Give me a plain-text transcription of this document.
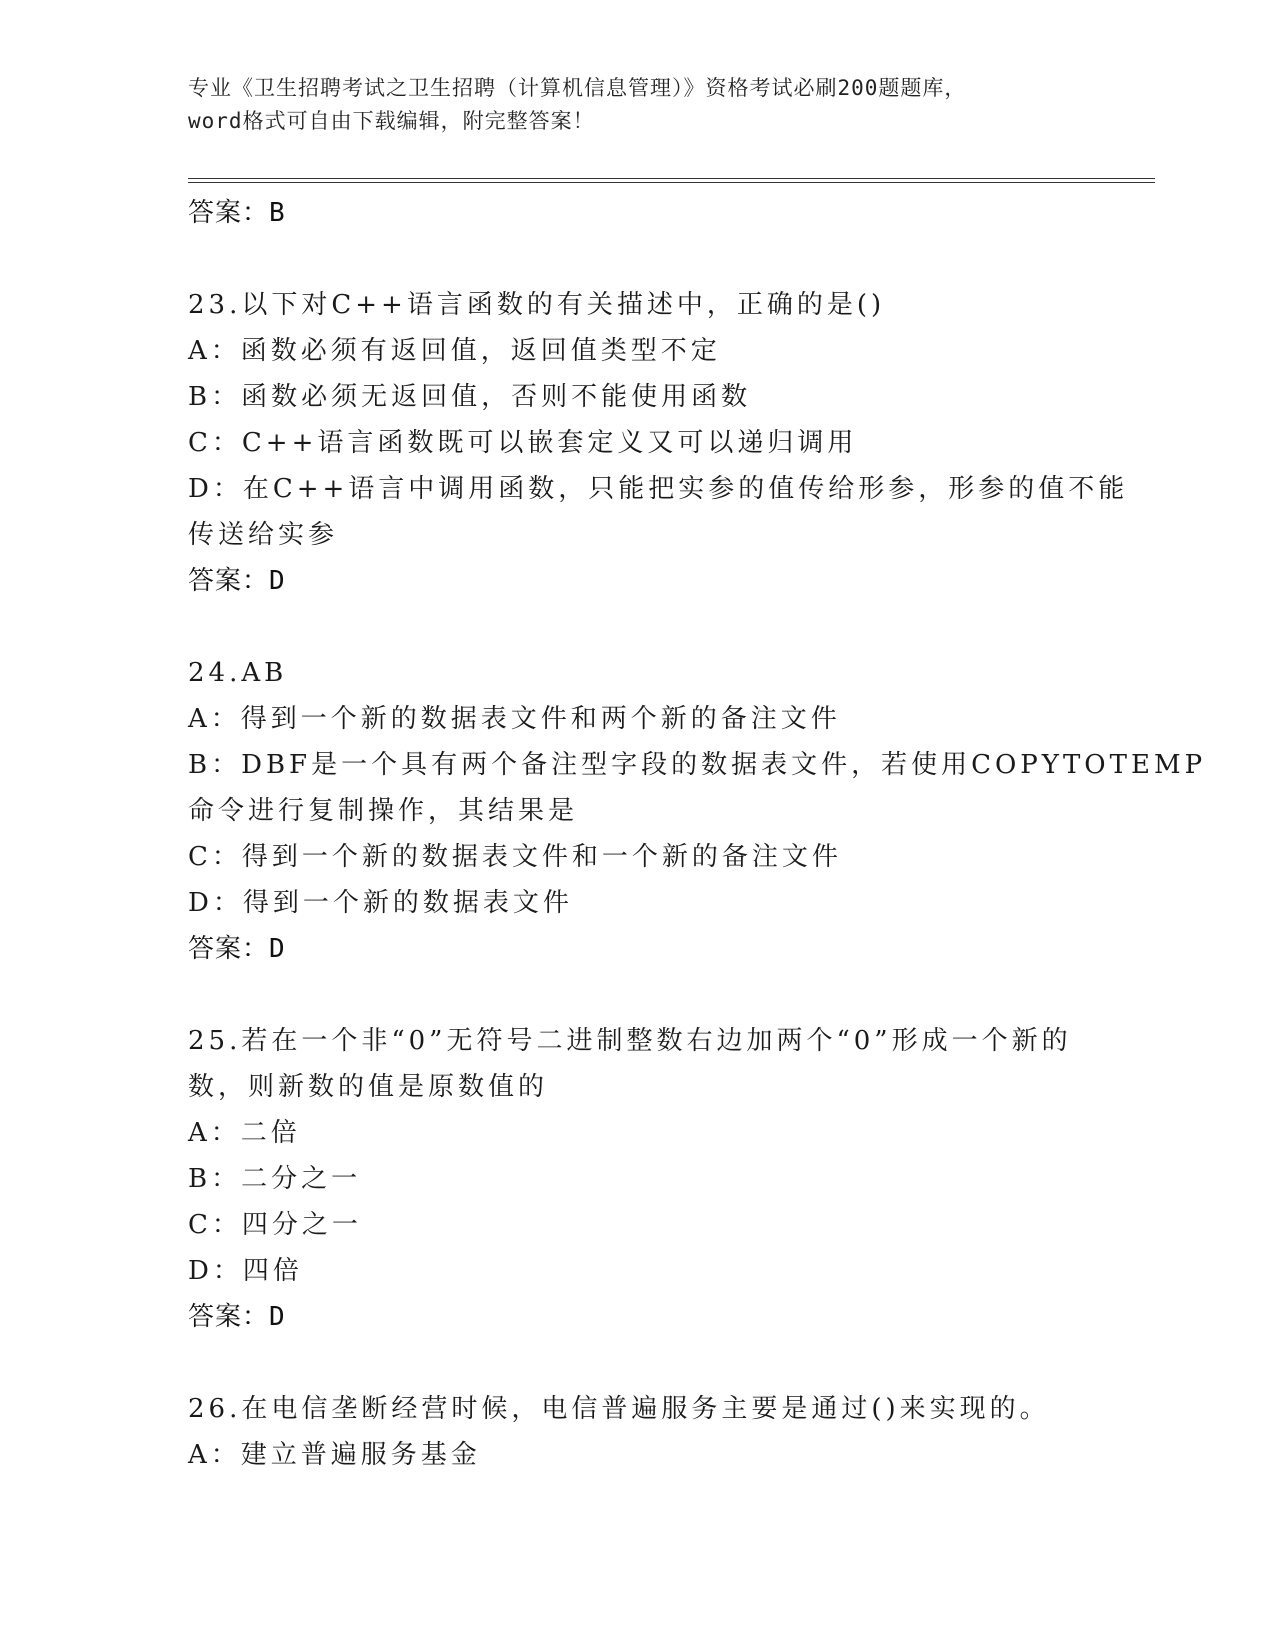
专业《卫生招聘考试之卫生招聘（计算机信息管理）》资格考试必刷200题题库，
word格式可自由下载编辑，附完整答案！
答案：B
23.以下对C++语言函数的有关描述中，正确的是()
A：函数必须有返回值，返回值类型不定
B：函数必须无返回值，否则不能使用函数
C：C++语言函数既可以嵌套定义又可以递归调用
D：在C++语言中调用函数，只能把实参的值传给形参，形参的值不能
传送给实参
答案：D
24.AB
A：得到一个新的数据表文件和两个新的备注文件
B：DBF是一个具有两个备注型字段的数据表文件，若使用COPYTOTEMP
命令进行复制操作，其结果是
C：得到一个新的数据表文件和一个新的备注文件
D：得到一个新的数据表文件
答案：D
25.若在一个非“0”无符号二进制整数右边加两个“0”形成一个新的
数，则新数的值是原数值的
A：二倍
B：二分之一
C：四分之一
D：四倍
答案：D
26.在电信垄断经营时候，电信普遍服务主要是通过()来实现的。
A：建立普遍服务基金
